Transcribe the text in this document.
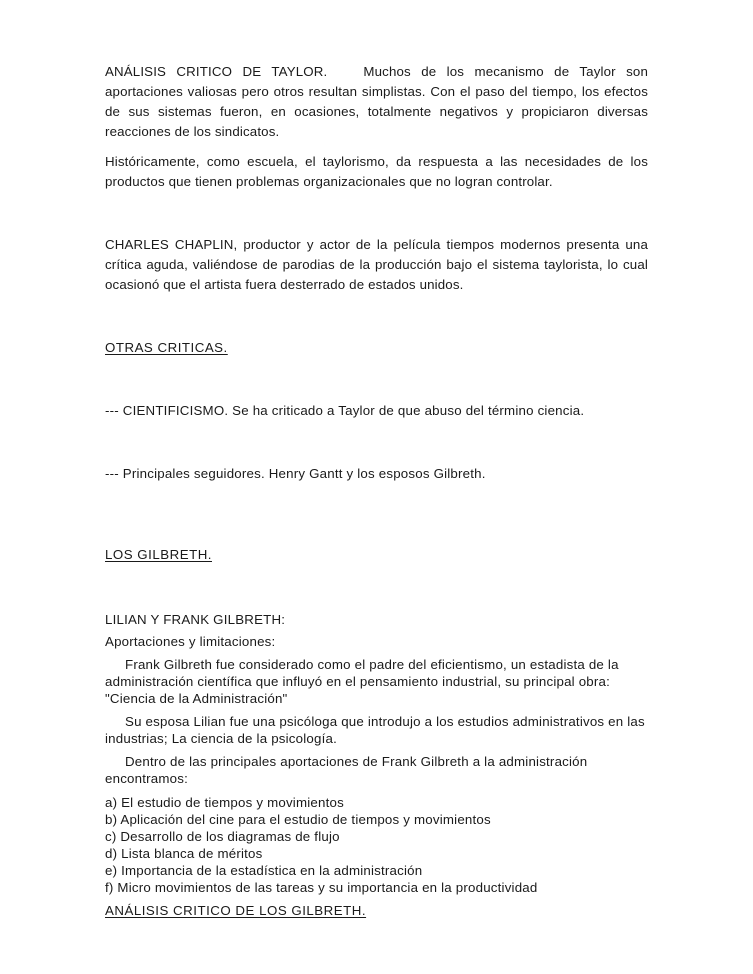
ANÁLISIS CRITICO DE TAYLOR.	Muchos de los mecanismo de Taylor son aportaciones valiosas pero otros resultan simplistas. Con el paso del tiempo, los efectos de sus sistemas fueron, en ocasiones, totalmente negativos y propiciaron diversas reacciones de los sindicatos.

Históricamente, como escuela, el taylorismo, da respuesta a las necesidades de los productos que tienen problemas organizacionales que no logran controlar.

CHARLES CHAPLIN, productor y actor de la película tiempos modernos presenta una crítica aguda, valiéndose de parodias de la producción bajo el sistema taylorista, lo cual ocasionó que el artista fuera desterrado de estados unidos.

OTRAS CRITICAS.

--- CIENTIFICISMO. Se ha criticado a Taylor de que abuso del término ciencia.

--- Principales seguidores. Henry Gantt y los esposos Gilbreth.

LOS GILBRETH.

LILIAN Y FRANK GILBRETH:

Aportaciones y limitaciones:

Frank Gilbreth fue considerado como el padre del eficientismo, un estadista de la administración científica que influyó en el pensamiento industrial, su principal obra: "Ciencia de la Administración"

Su esposa Lilian fue una psicóloga que introdujo a los estudios administrativos en las industrias; La ciencia de la psicología.

Dentro de las principales aportaciones de Frank Gilbreth a la administración encontramos:

a) El estudio de tiempos y movimientos
b) Aplicación del cine para el estudio de tiempos y movimientos
c) Desarrollo de los diagramas de flujo
d) Lista blanca de méritos
e) Importancia de la estadística en la administración
f) Micro movimientos de las tareas y su importancia en la productividad

ANÁLISIS CRITICO DE LOS GILBRETH.
